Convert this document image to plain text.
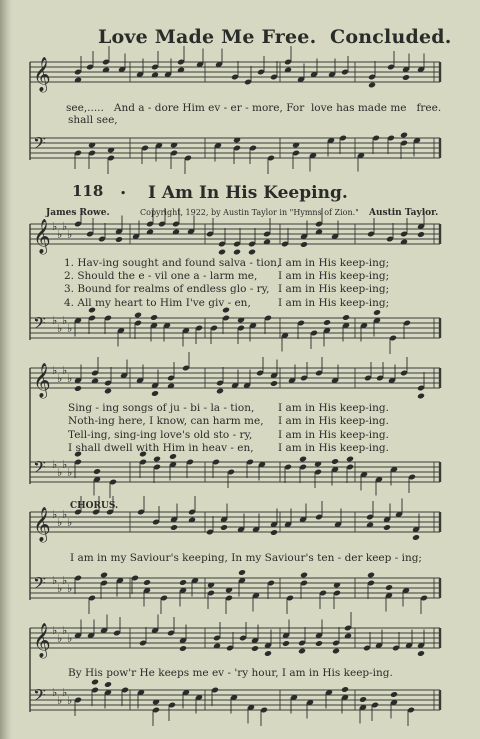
Love Made Me Free. Concluded.
𝄞
𝄢
𝄞 ♭
♭
♭
♭
𝄢 ♭
♭
♭
♭
𝄞 ♭
♭
♭
♭
𝄢 ♭
♭
♭
♭
𝄞 ♭
♭
♭
♭
𝄢 ♭
♭
♭
♭
𝄞 ♭
♭
♭
♭
𝄢 ♭
♭
♭
♭
see,..... And a - dore Him ev - er - more, For love has made me free.
shall see,
118 . I Am In His Keeping.
James Rowe.	Copyright, 1922, by Austin Taylor in "Hymns of Zion." Austin Taylor.
1. Hav-ing sought and found salva - tion,
2. Should the e - vil one a - larm me,
3. Bound for realms of endless glo - ry,
4. All my heart to Him I've giv - en,
I am in His keep-ing;
I am in His keep-ing;
I am in His keep-ing;
I am in His keep-ing;
Sing - ing songs of ju - bi - la - tion,
Noth-ing here, I know, can harm me,
Tell-ing, sing-ing love's old sto - ry,
I shall dwell with Him in heav - en,
I am in His keep-ing.
I am in His keep-ing.
I am in His keep-ing.
I am in His keep-ing.
CHORUS.
I am in my Saviour's keeping, In my Saviour's ten - der keep - ing;
By His pow'r He keeps me ev - 'ry hour, I am in His keep-ing.
